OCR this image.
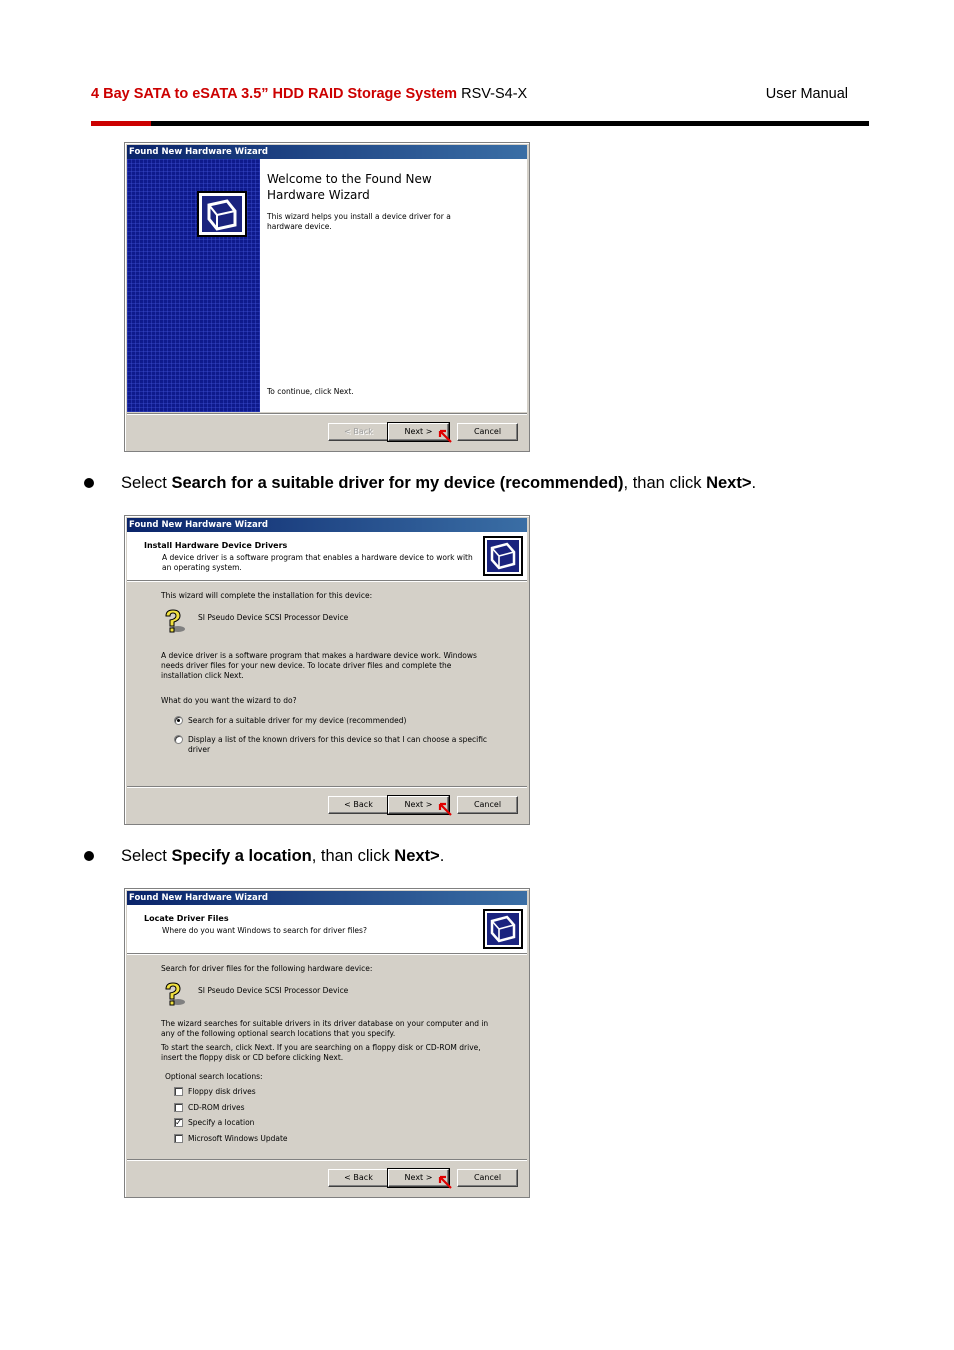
4 Bay SATA to eSATA 3.5” HDD RAID Storage System RSV-S4-X	User Manual
Found New Hardware Wizard
Welcome to the Found New Hardware Wizard
This wizard helps you install a device driver for a hardware device.
To continue, click Next.
< Back	Next >	Cancel
Select Search for a suitable driver for my device (recommended), than click Next>.
Found New Hardware Wizard
Install Hardware Device Drivers
A device driver is a software program that enables a hardware device to work with an operating system.
This wizard will complete the installation for this device:
SI Pseudo Device SCSI Processor Device
A device driver is a software program that makes a hardware device work. Windows needs driver files for your new device. To locate driver files and complete the installation click Next.
What do you want the wizard to do?
Search for a suitable driver for my device (recommended)
Display a list of the known drivers for this device so that I can choose a specific driver
< Back	Next >	Cancel
Select Specify a location, than click Next>.
Found New Hardware Wizard
Locate Driver Files
Where do you want Windows to search for driver files?
Search for driver files for the following hardware device:
SI Pseudo Device SCSI Processor Device
The wizard searches for suitable drivers in its driver database on your computer and in any of the following optional search locations that you specify.
To start the search, click Next. If you are searching on a floppy disk or CD-ROM drive, insert the floppy disk or CD before clicking Next.
Optional search locations:
Floppy disk drives
CD-ROM drives
✓ Specify a location
Microsoft Windows Update
< Back	Next >	Cancel
